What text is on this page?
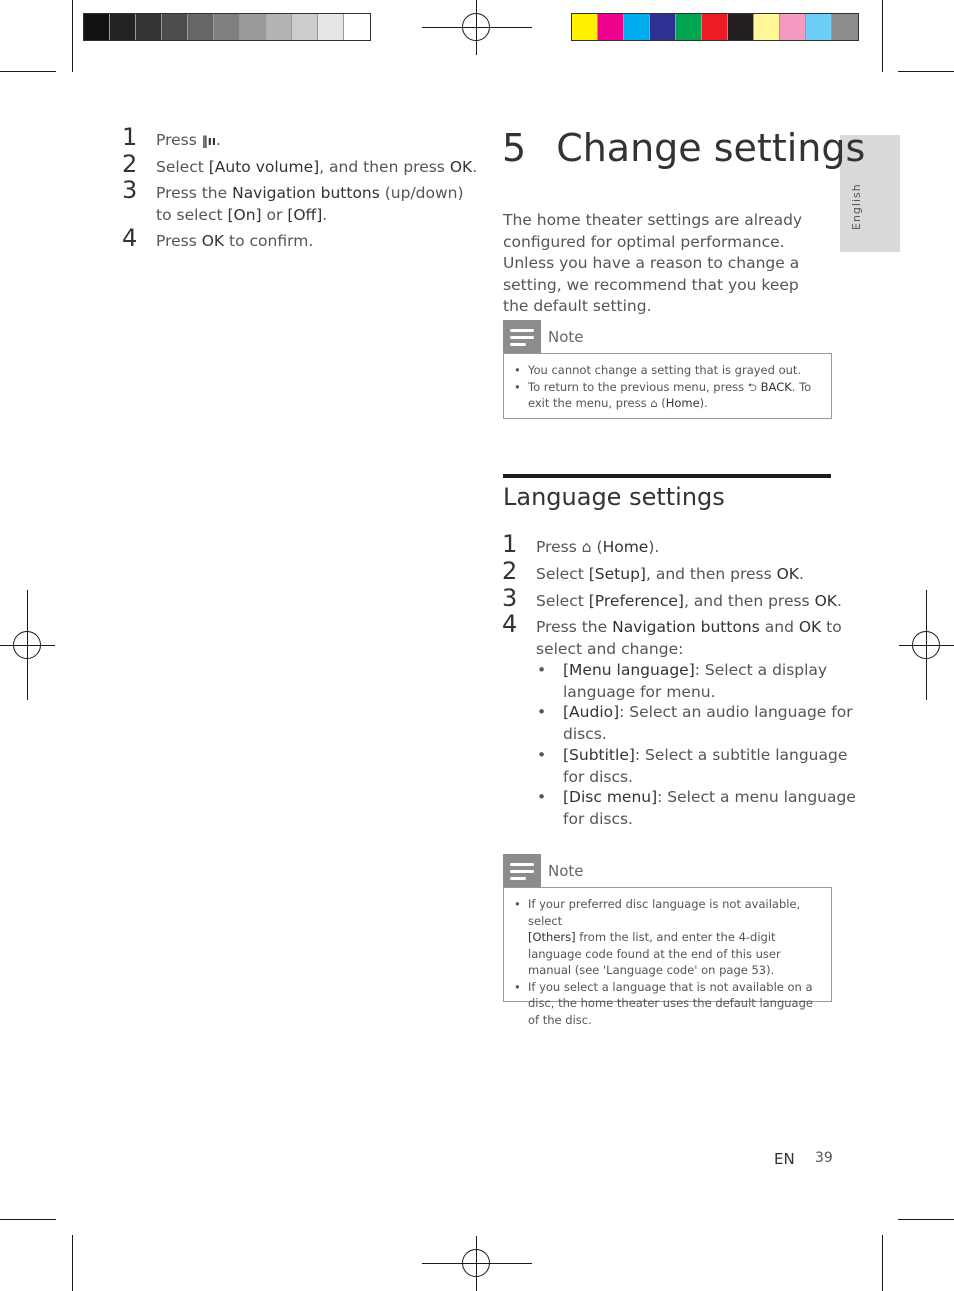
English
1 Press ‖ıı.
2 Select [Auto volume], and then press OK.
3 Press the Navigation buttons (up/down)
to select [On] or [Off].
4 Press OK to confirm.
5 Change settings
The home theater settings are already configured for optimal performance. Unless you have a reason to change a setting, we recommend that you keep the default setting.
Note
• You cannot change a setting that is grayed out.
• To return to the previous menu, press ⮌ BACK. To exit the menu, press ⌂ (Home).
Language settings
1 Press ⌂ (Home).
2 Select [Setup], and then press OK.
3 Select [Preference], and then press OK.
4 Press the Navigation buttons and OK to
select and change:
• [Menu language]: Select a display
language for menu.
• [Audio]: Select an audio language for
discs.
• [Subtitle]: Select a subtitle language
for discs.
• [Disc menu]: Select a menu language
for discs.
Note
• If your preferred disc language is not available, select
[Others] from the list, and enter the 4-digit language code found at the end of this user manual (see 'Language code' on page 53).
• If you select a language that is not available on a disc, the home theater uses the default language of the disc.
EN 39
